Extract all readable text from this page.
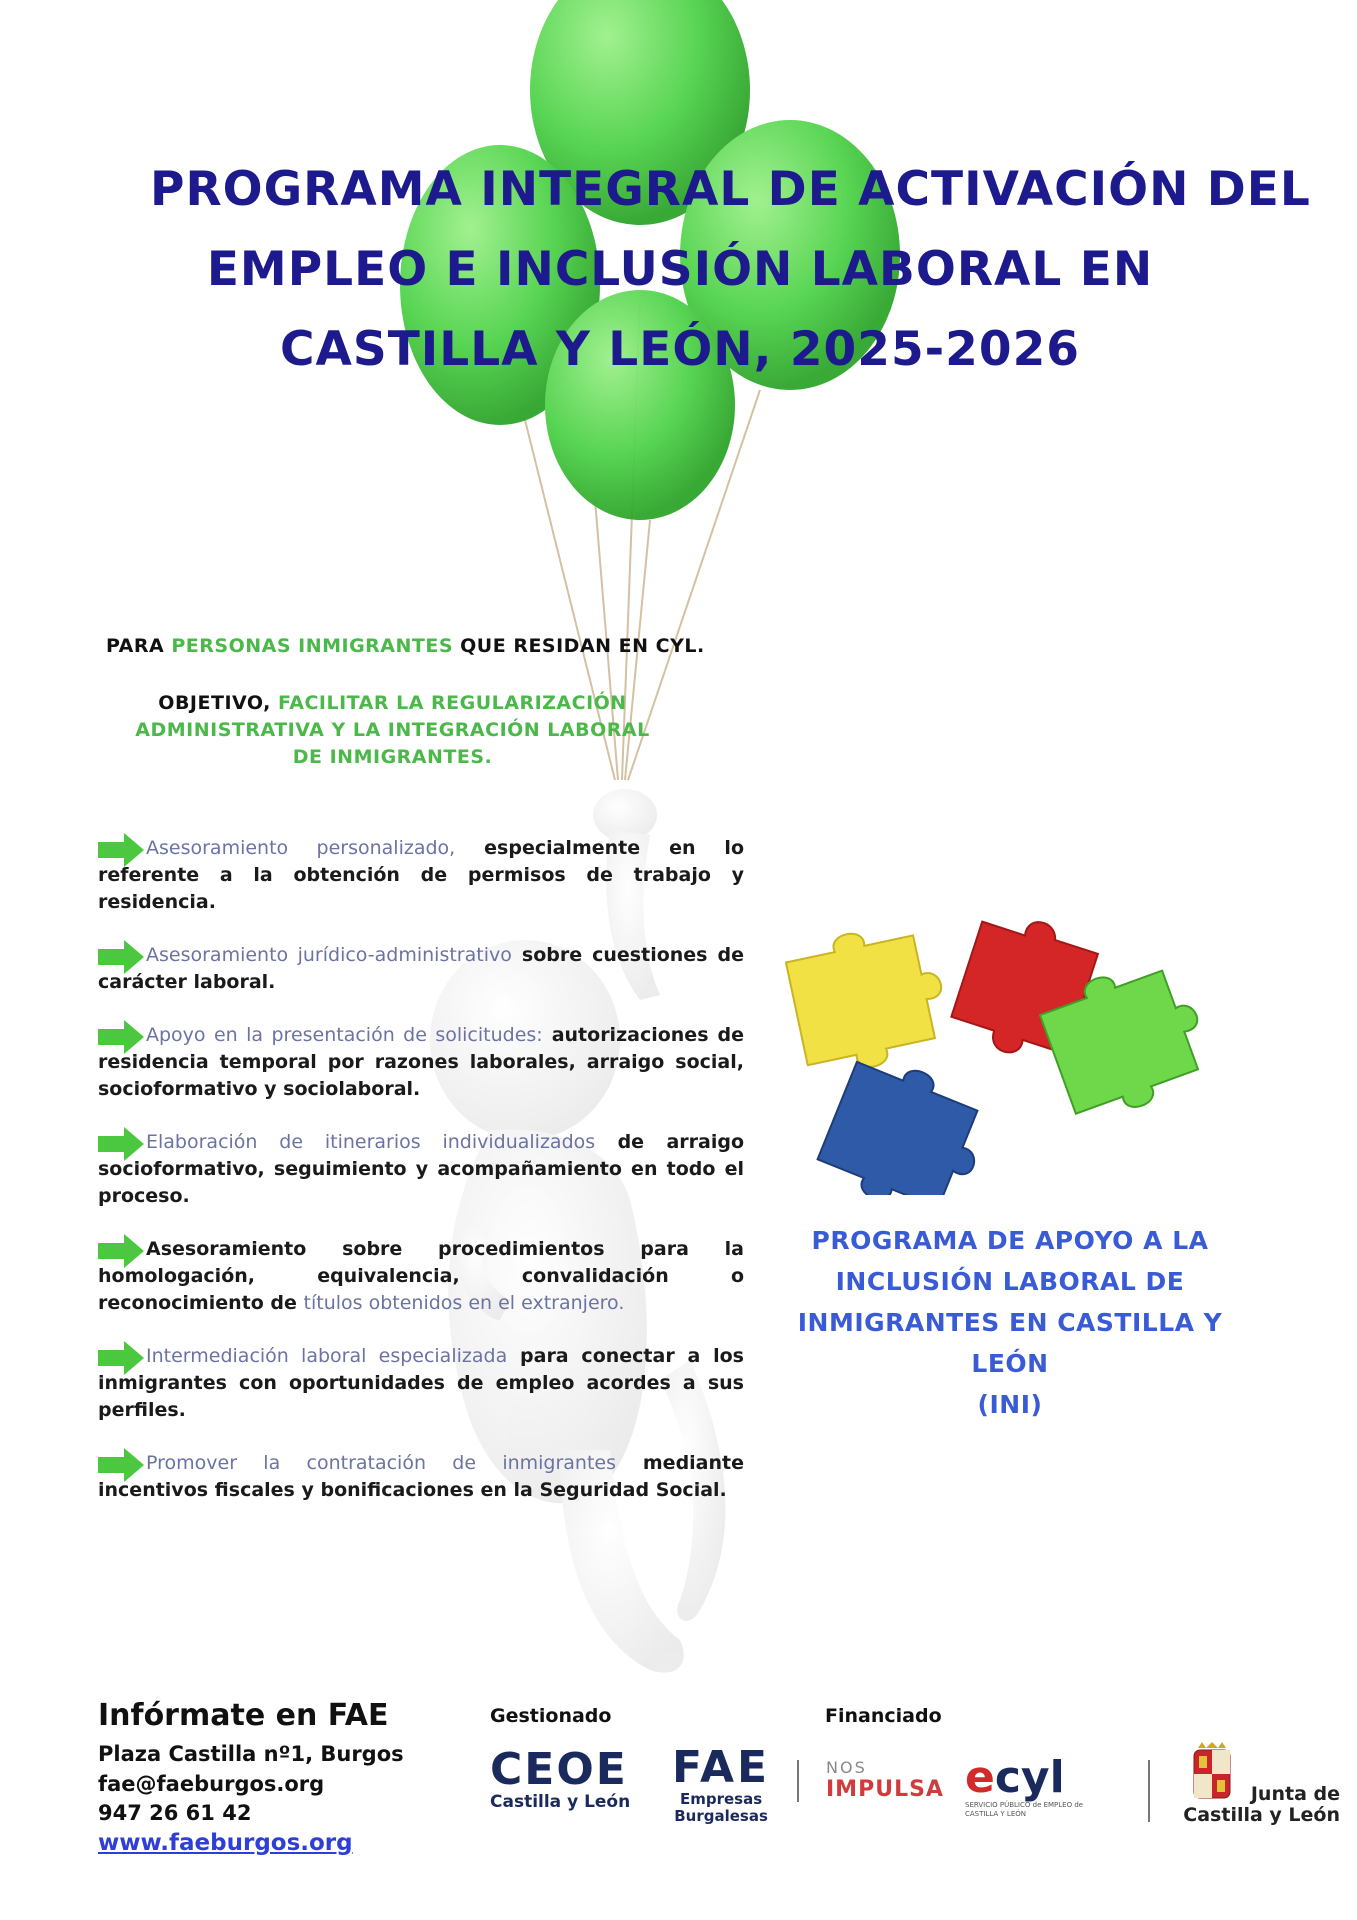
PROGRAMA INTEGRAL DE ACTIVACIÓN DEL
EMPLEO E INCLUSIÓN LABORAL EN
CASTILLA Y LEÓN, 2025-2026
PARA PERSONAS INMIGRANTES QUE RESIDAN EN CYL.
OBJETIVO, FACILITAR LA REGULARIZACIÓN ADMINISTRATIVA Y LA INTEGRACIÓN LABORAL DE INMIGRANTES.
Asesoramiento personalizado, especialmente en lo referente a la obtención de permisos de trabajo y residencia.
Asesoramiento jurídico-administrativo sobre cuestiones de carácter laboral.
Apoyo en la presentación de solicitudes: autorizaciones de residencia temporal por razones laborales, arraigo social, socioformativo y sociolaboral.
Elaboración de itinerarios individualizados de arraigo socioformativo, seguimiento y acompañamiento en todo el proceso.
Asesoramiento sobre procedimientos para la homologación, equivalencia, convalidación o reconocimiento de títulos obtenidos en el extranjero.
Intermediación laboral especializada para conectar a los inmigrantes con oportunidades de empleo acordes a sus perfiles.
Promover la contratación de inmigrantes mediante incentivos fiscales y bonificaciones en la Seguridad Social.
PROGRAMA DE APOYO A LA
INCLUSIÓN LABORAL DE
INMIGRANTES EN CASTILLA Y LEÓN
(INI)
Infórmate en FAE
Plaza Castilla nº1, Burgos
fae@faeburgos.org
947 26 61 42
www.faeburgos.org
Gestionado	Financiado
CEOE
Castilla y León
FAE
Empresas
Burgalesas
NOS
IMPULSA ecyl
SERVICIO PÚBLICO de EMPLEO de CASTILLA Y LEÓN
Junta de
Castilla y León
